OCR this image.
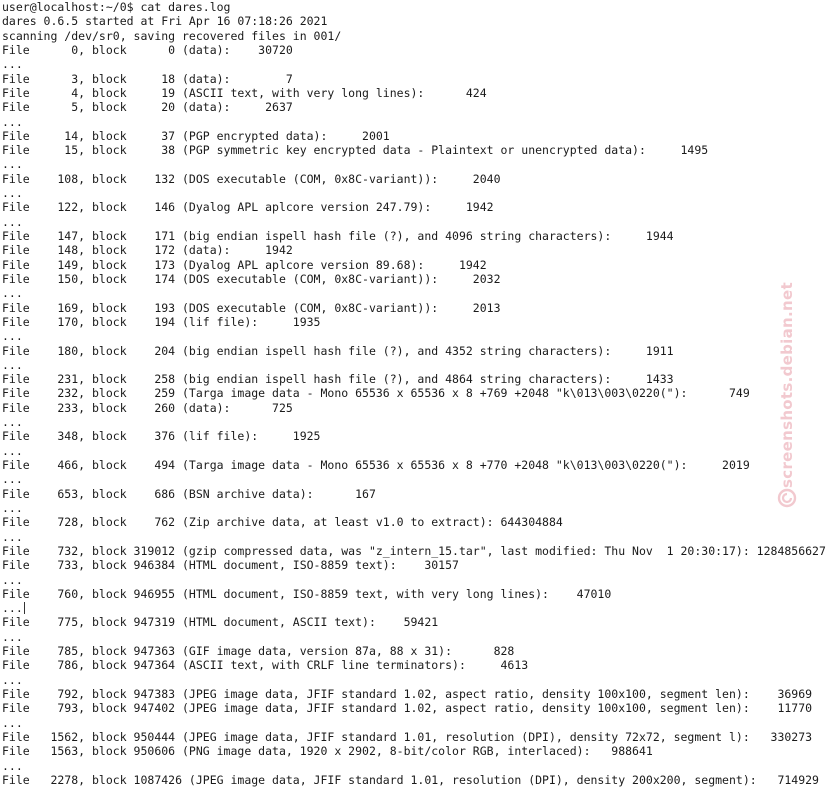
user@localhost:~/0$ cat dares.log
dares 0.6.5 started at Fri Apr 16 07:18:26 2021
scanning /dev/sr0, saving recovered files in 001/
File      0, block      0 (data):    30720
...
File      3, block     18 (data):        7
File      4, block     19 (ASCII text, with very long lines):      424
File      5, block     20 (data):     2637
...
File     14, block     37 (PGP encrypted data):     2001
File     15, block     38 (PGP symmetric key encrypted data - Plaintext or unencrypted data):     1495
...
File    108, block    132 (DOS executable (COM, 0x8C-variant)):     2040
...
File    122, block    146 (Dyalog APL aplcore version 247.79):     1942
...
File    147, block    171 (big endian ispell hash file (?), and 4096 string characters):     1944
File    148, block    172 (data):     1942
File    149, block    173 (Dyalog APL aplcore version 89.68):     1942
File    150, block    174 (DOS executable (COM, 0x8C-variant)):     2032
...
File    169, block    193 (DOS executable (COM, 0x8C-variant)):     2013
File    170, block    194 (lif file):     1935
...
File    180, block    204 (big endian ispell hash file (?), and 4352 string characters):     1911
...
File    231, block    258 (big endian ispell hash file (?), and 4864 string characters):     1433
File    232, block    259 (Targa image data - Mono 65536 x 65536 x 8 +769 +2048 "k\013\003\0220("):      749
File    233, block    260 (data):      725
...
File    348, block    376 (lif file):     1925
...
File    466, block    494 (Targa image data - Mono 65536 x 65536 x 8 +770 +2048 "k\013\003\0220("):     2019
...
File    653, block    686 (BSN archive data):      167
...
File    728, block    762 (Zip archive data, at least v1.0 to extract): 644304884
...
File    732, block 319012 (gzip compressed data, was "z_intern_15.tar", last modified: Thu Nov  1 20:30:17): 1284856627
File    733, block 946384 (HTML document, ISO-8859 text):    30157
...
File    760, block 946955 (HTML document, ISO-8859 text, with very long lines):    47010
...
File    775, block 947319 (HTML document, ASCII text):    59421
...
File    785, block 947363 (GIF image data, version 87a, 88 x 31):      828
File    786, block 947364 (ASCII text, with CRLF line terminators):     4613
...
File    792, block 947383 (JPEG image data, JFIF standard 1.02, aspect ratio, density 100x100, segment len):    36969
File    793, block 947402 (JPEG image data, JFIF standard 1.02, aspect ratio, density 100x100, segment len):    11770
...
File   1562, block 950444 (JPEG image data, JFIF standard 1.01, resolution (DPI), density 72x72, segment l):   330273
File   1563, block 950606 (PNG image data, 1920 x 2902, 8-bit/color RGB, interlaced):   988641
...
File   2278, block 1087426 (JPEG image data, JFIF standard 1.01, resolution (DPI), density 200x200, segment):   714929
screenshots.debian.net
